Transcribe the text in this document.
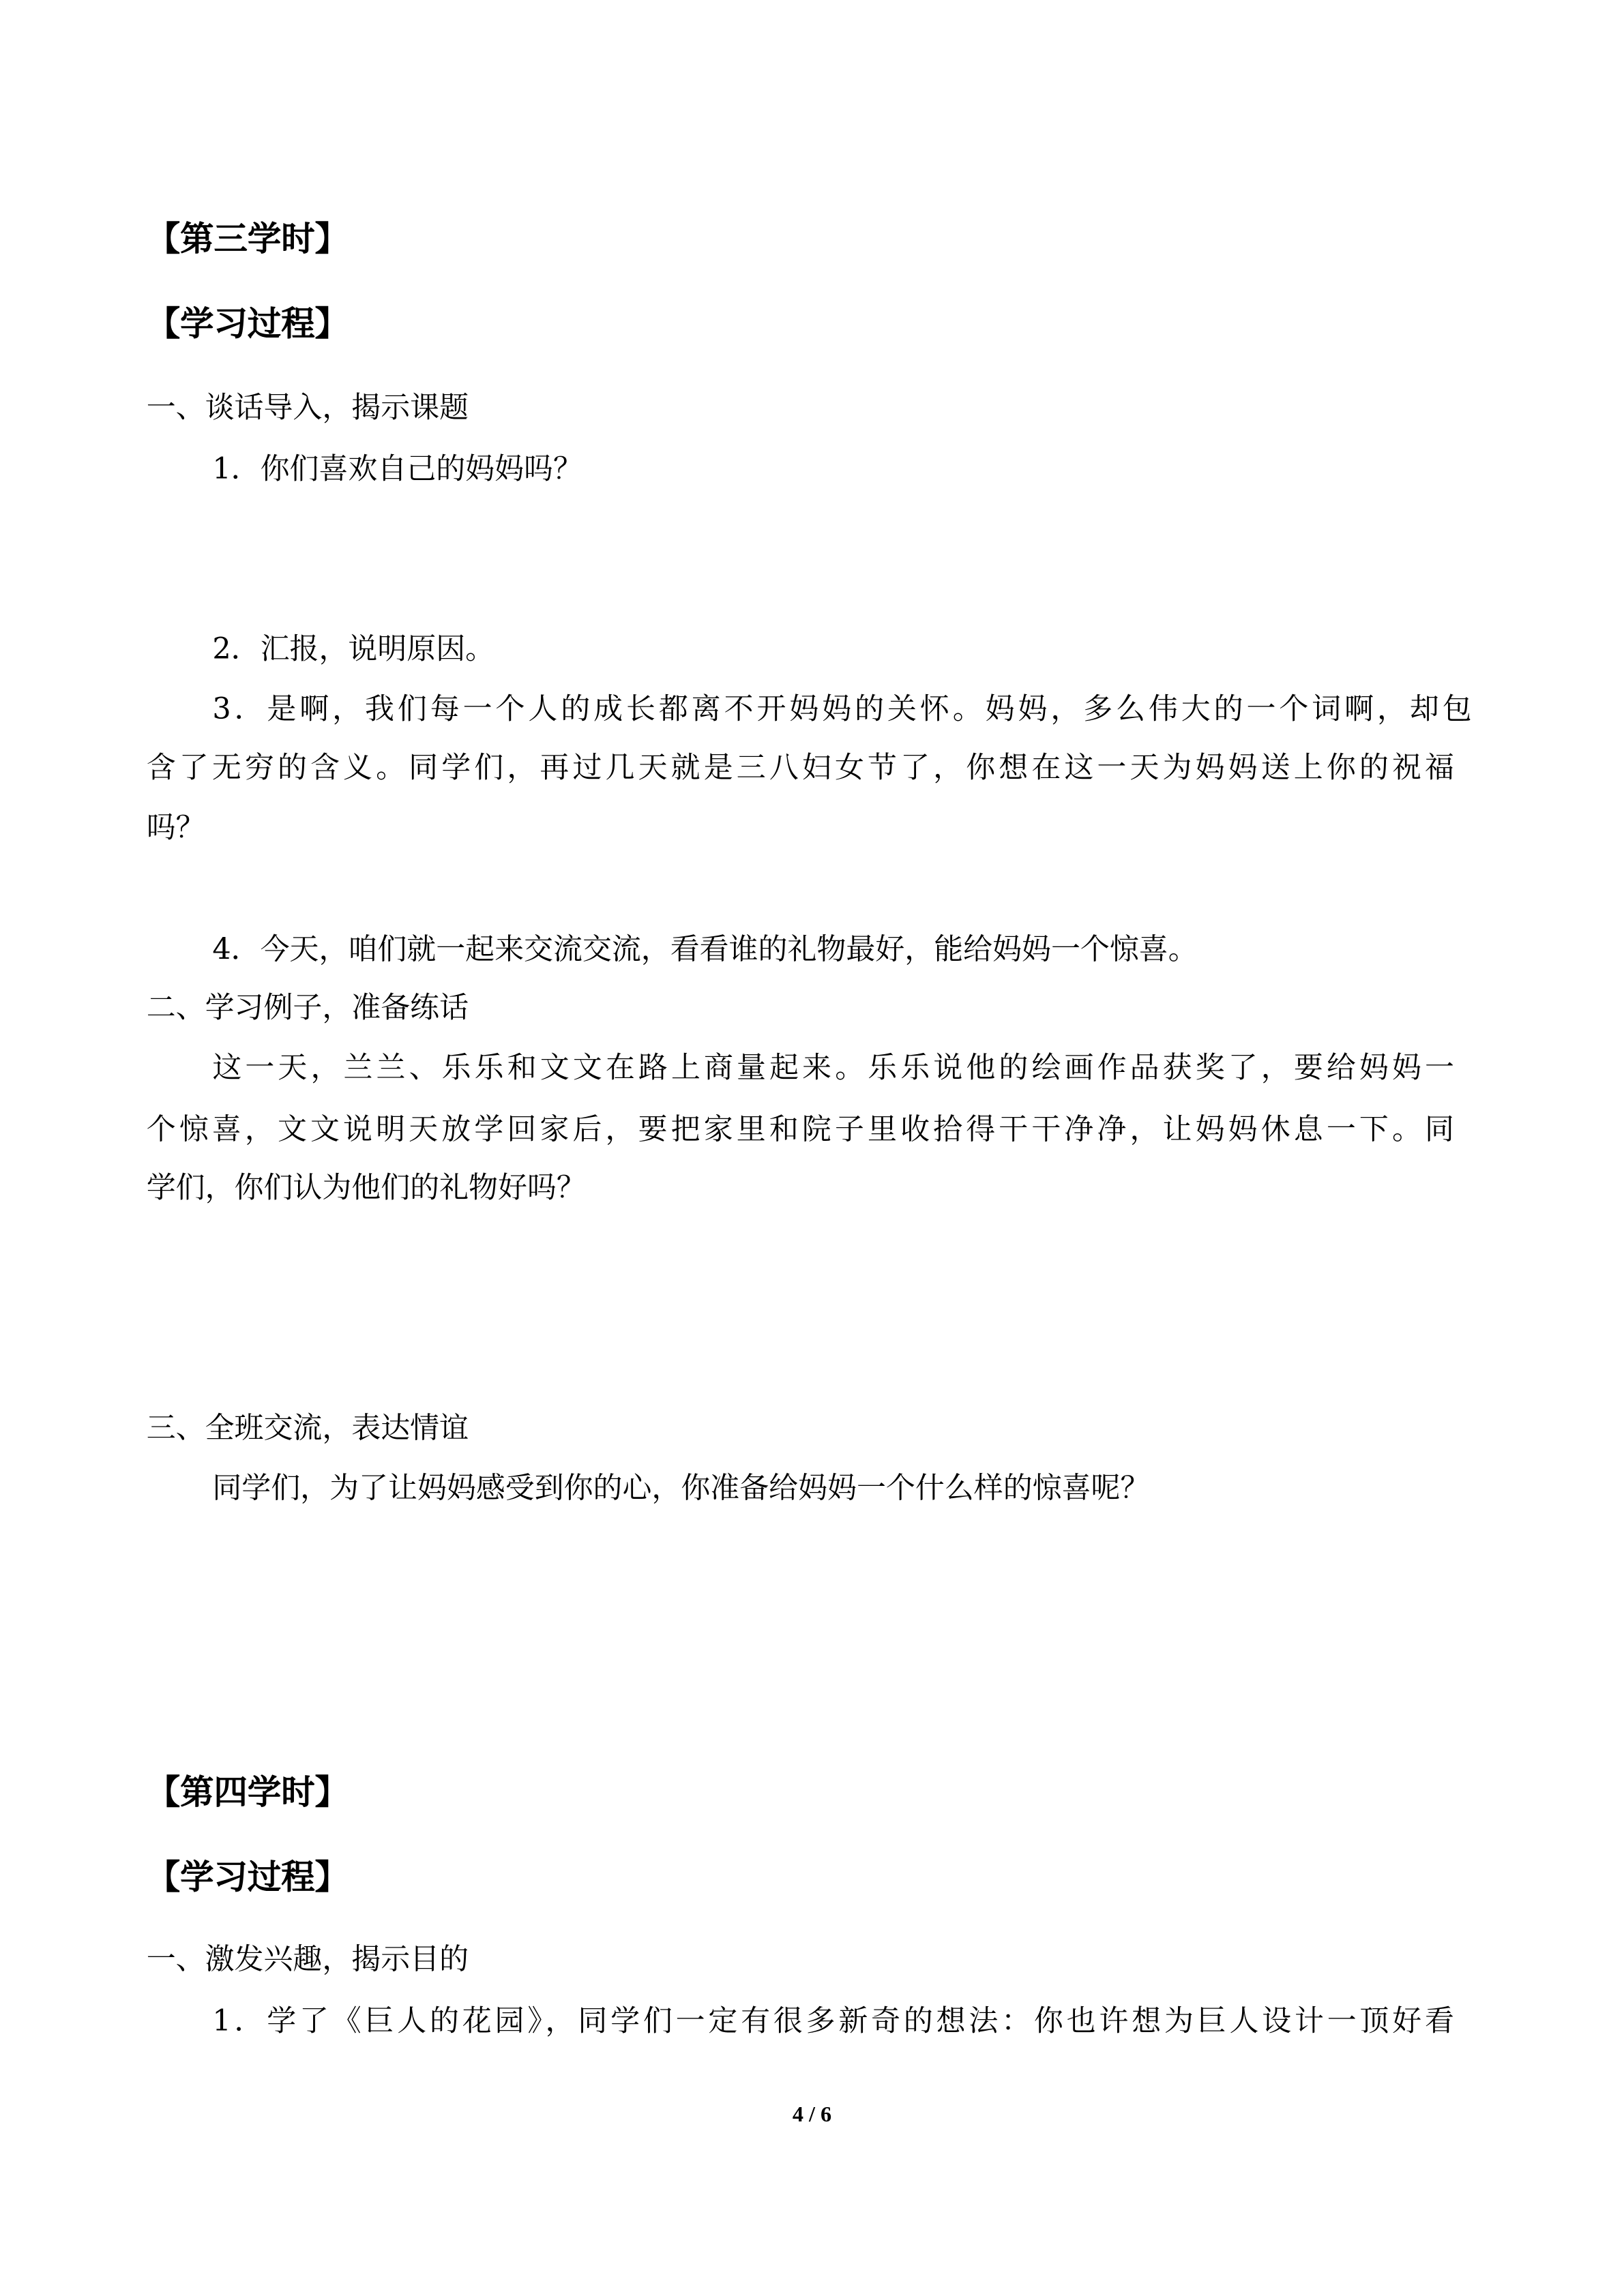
【第三学时】
【学习过程】
一、谈话导入，揭示课题
1．你们喜欢自己的妈妈吗？
2．汇报，说明原因。
3．是啊，我们每一个人的成长都离不开妈妈的关怀。妈妈，多么伟大的一个词啊，却包
含了无穷的含义。同学们，再过几天就是三八妇女节了，你想在这一天为妈妈送上你的祝福
吗？
4．今天，咱们就一起来交流交流，看看谁的礼物最好，能给妈妈一个惊喜。
二、学习例子，准备练话
这一天，兰兰、乐乐和文文在路上商量起来。乐乐说他的绘画作品获奖了，要给妈妈一
个惊喜，文文说明天放学回家后，要把家里和院子里收拾得干干净净，让妈妈休息一下。同
学们，你们认为他们的礼物好吗？
三、全班交流，表达情谊
同学们，为了让妈妈感受到你的心，你准备给妈妈一个什么样的惊喜呢？
【第四学时】
【学习过程】
一、激发兴趣，揭示目的
1．学了《巨人的花园》，同学们一定有很多新奇的想法：你也许想为巨人设计一顶好看
4 / 6
